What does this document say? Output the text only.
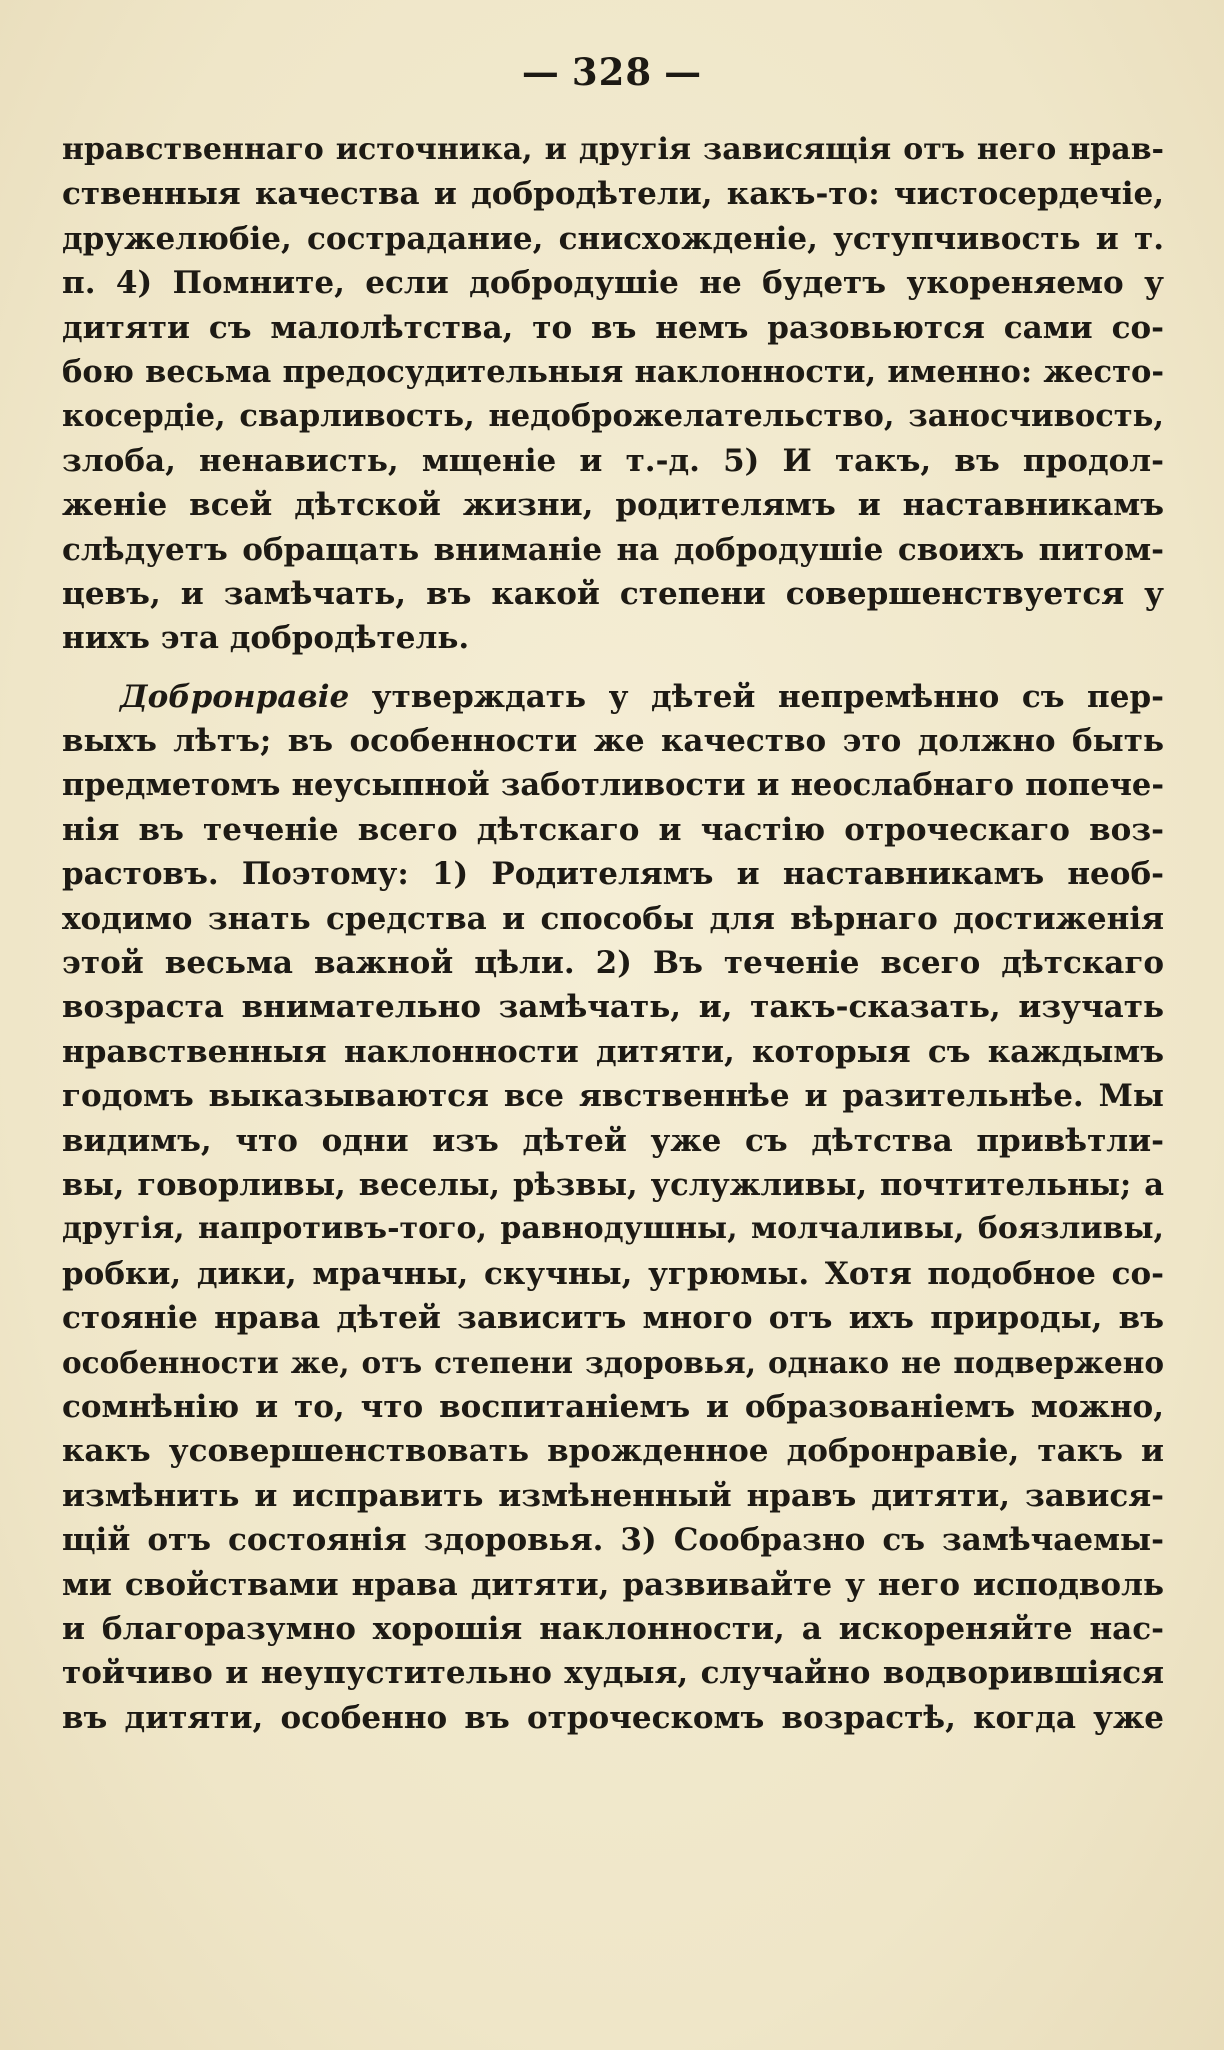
— 328 —
нравственнаго источника, и другія зависящія отъ него нрав-
ственныя качества и добродѣтели, какъ-то: чистосердечіе,
дружелюбіе, сострадание, снисхожденіе, уступчивость и т.
п. 4) Помните, если добродушіе не будетъ укореняемо у
дитяти съ малолѣтства, то въ немъ разовьются сами со-
бою весьма предосудительныя наклонности, именно: жесто-
косердіе, сварливость, недоброжелательство, заносчивость,
злоба, ненависть, мщеніе и т.-д. 5) И такъ, въ продол-
женіе всей дѣтской жизни, родителямъ и наставникамъ
слѣдуетъ обращать вниманіе на добродушіе своихъ питом-
цевъ, и замѣчать, въ какой степени совершенствуется у
нихъ эта добродѣтель.
Добронравіе утверждать у дѣтей непремѣнно съ пер-
выхъ лѣтъ; въ особенности же качество это должно быть
предметомъ неусыпной заботливости и неослабнаго попече-
нія въ теченіе всего дѣтскаго и частію отроческаго воз-
растовъ. Поэтому: 1) Родителямъ и наставникамъ необ-
ходимо знать средства и способы для вѣрнаго достиженія
этой весьма важной цѣли. 2) Въ теченіе всего дѣтскаго
возраста внимательно замѣчать, и, такъ-сказать, изучать
нравственныя наклонности дитяти, которыя съ каждымъ
годомъ выказываются все явственнѣе и разительнѣе. Мы
видимъ, что одни изъ дѣтей уже съ дѣтства привѣтли-
вы, говорливы, веселы, рѣзвы, услужливы, почтительны; а
другія, напротивъ-того, равнодушны, молчаливы, боязливы,
робки, дики, мрачны, скучны, угрюмы. Хотя подобное со-
стояніе нрава дѣтей зависитъ много отъ ихъ природы, въ
особенности же, отъ степени здоровья, однако не подвержено
сомнѣнію и то, что воспитаніемъ и образованіемъ можно,
какъ усовершенствовать врожденное добронравіе, такъ и
измѣнить и исправить измѣненный нравъ дитяти, завися-
щій отъ состоянія здоровья. 3) Сообразно съ замѣчаемы-
ми свойствами нрава дитяти, развивайте у него исподволь
и благоразумно хорошія наклонности, а искореняйте нас-
тойчиво и неупустительно худыя, случайно водворившіяся
въ дитяти, особенно въ отроческомъ возрастѣ, когда уже
